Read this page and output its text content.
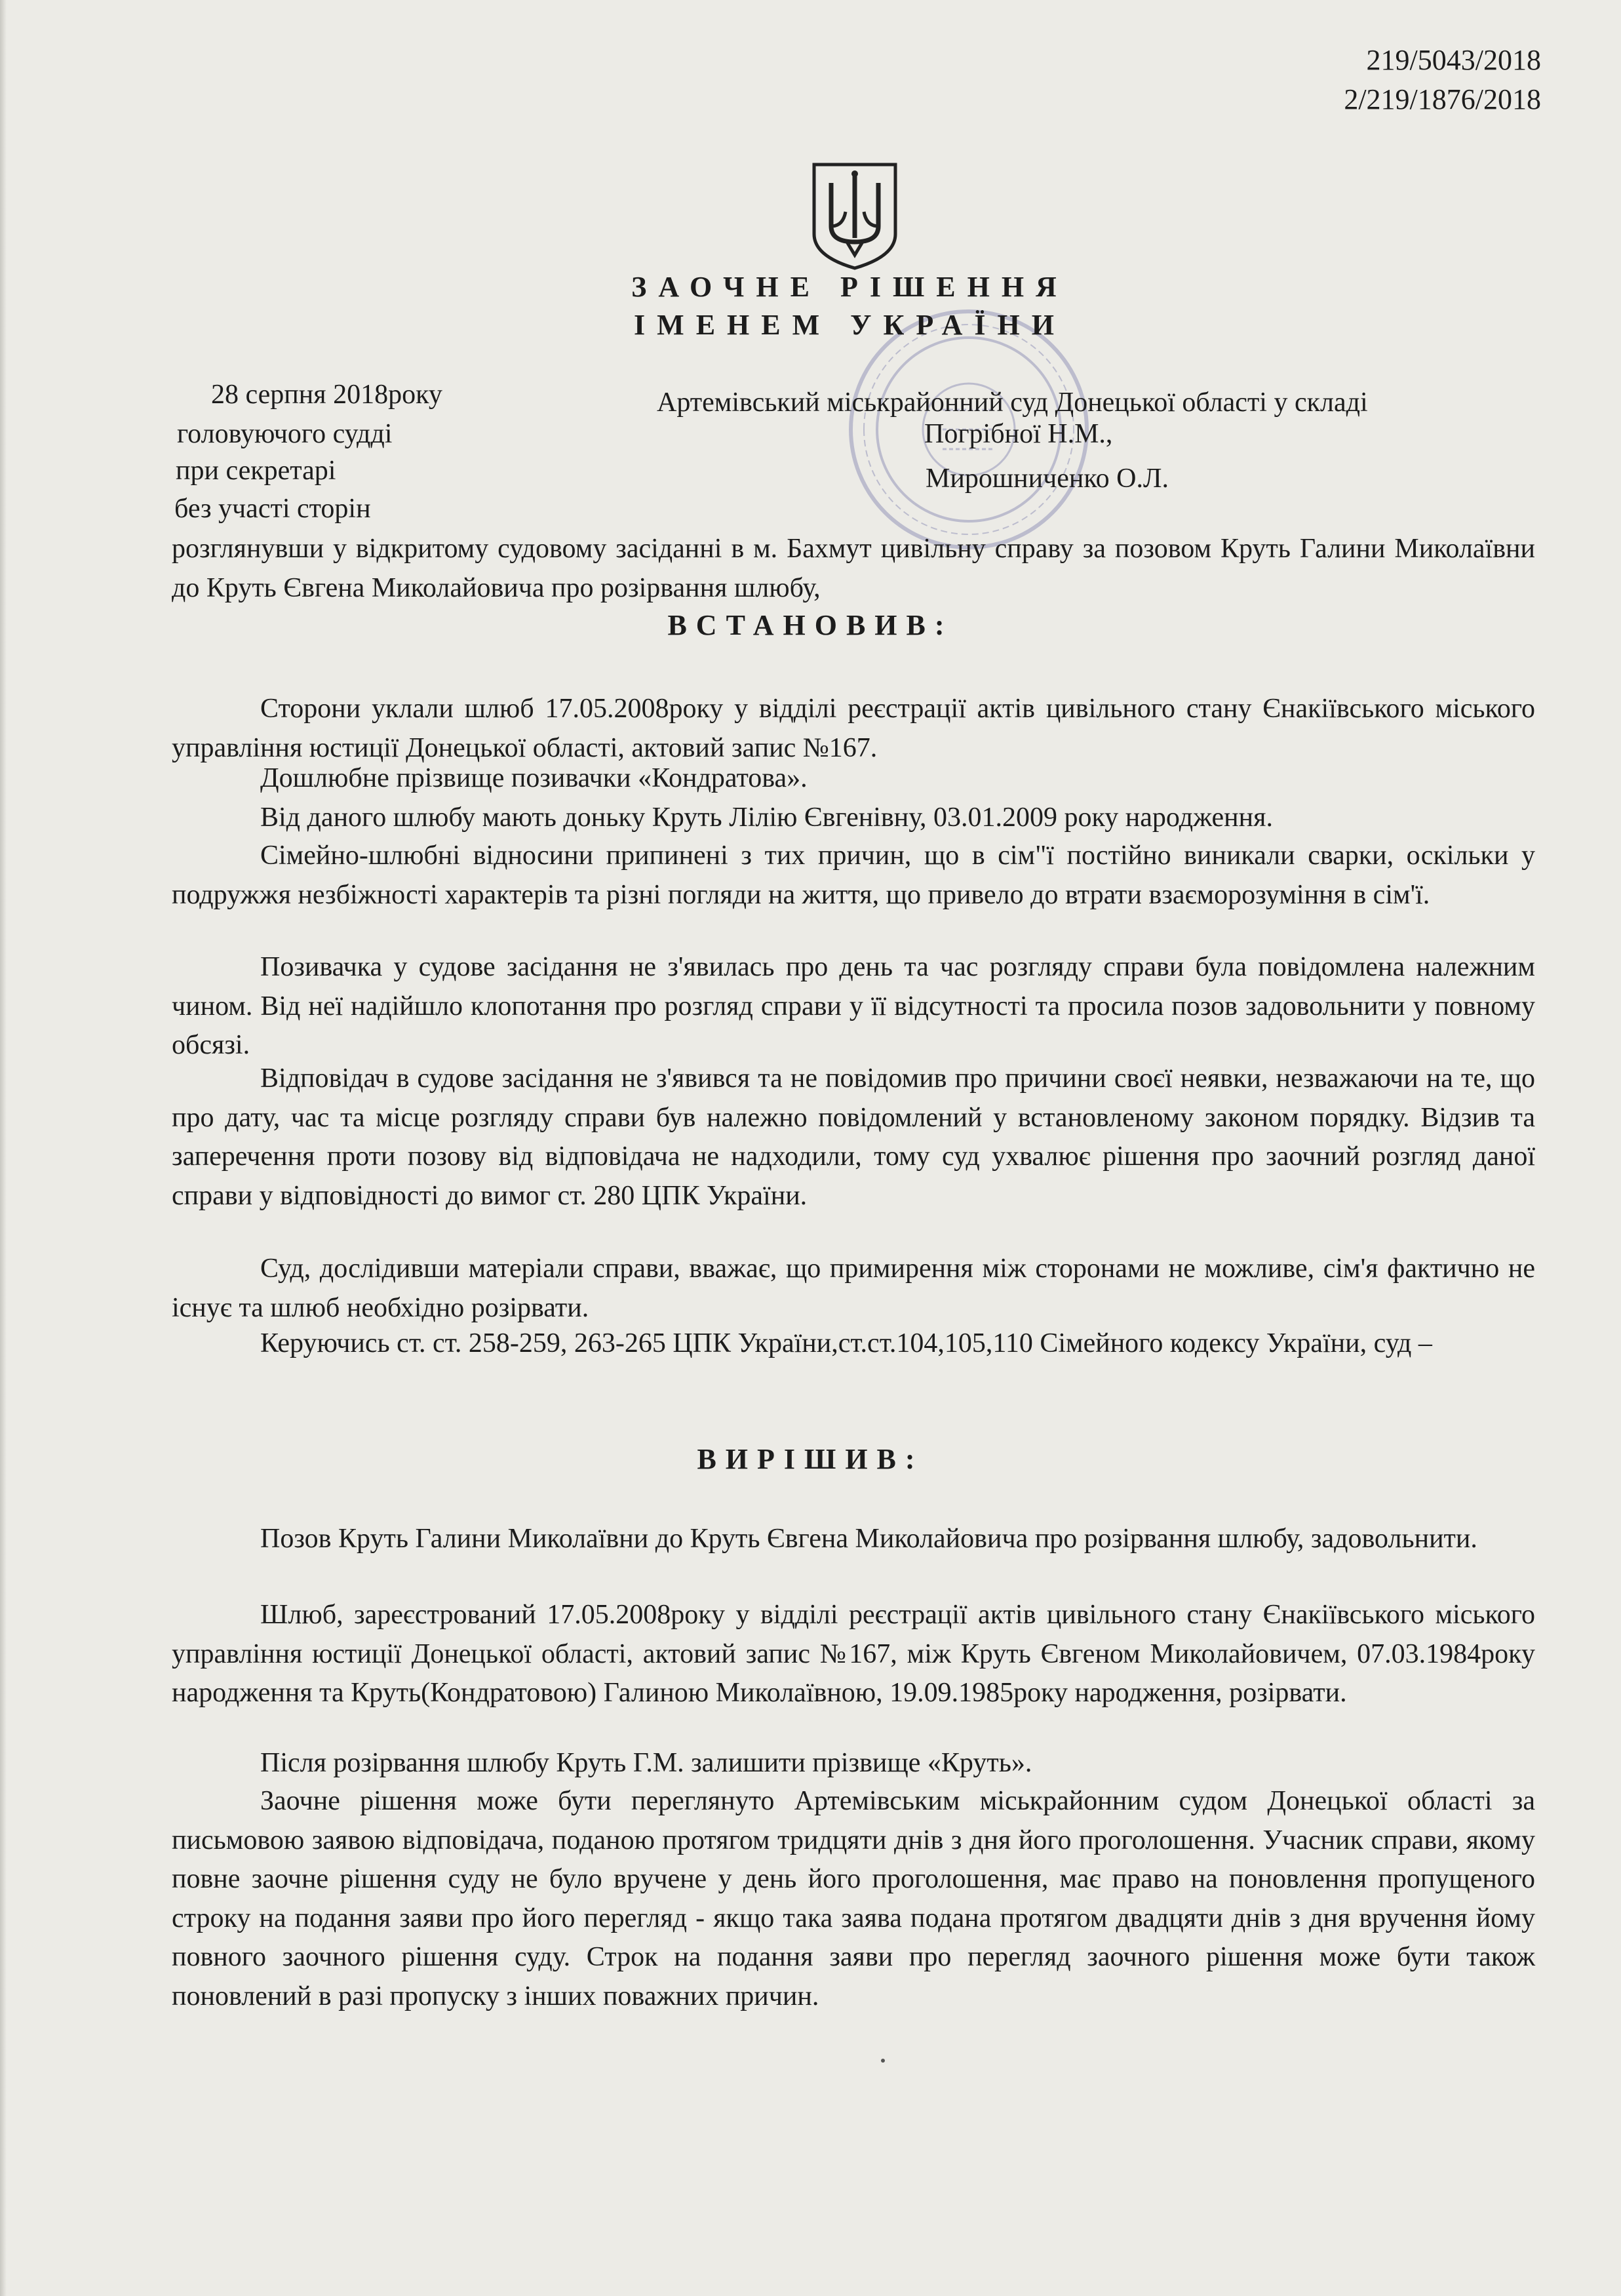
219/5043/2018
2/219/1876/2018
ЗАОЧНЕ РІШЕННЯ
ІМЕНЕМ УКРАЇНИ
28 серпня 2018року	Артемівський міськрайонний суд Донецької області у складі
головуючого судді	Погрібної Н.М.,
при секретарі	Мирошниченко О.Л.
без участі сторін
розглянувши у відкритому судовому засіданні в м. Бахмут цивільну справу за позовом Круть Галини Миколаївни до Круть Євгена Миколайовича про розірвання шлюбу,
ВСТАНОВИВ:
Сторони уклали шлюб 17.05.2008року у відділі реєстрації актів цивільного стану Єнакіївського міського управління юстиції Донецької області, актовий запис №167.
Дошлюбне прізвище позивачки «Кондратова».
Від даного шлюбу мають доньку Круть Лілію Євгенівну, 03.01.2009 року народження.
Сімейно-шлюбні відносини припинені з тих причин, що в сім"ї постійно виникали сварки, оскільки у подружжя незбіжності характерів та різні погляди на життя, що привело до втрати взаєморозуміння в сім'ї.
Позивачка у судове засідання не з'явилась про день та час розгляду справи була повідомлена належним чином. Від неї надійшло клопотання про розгляд справи у її відсутності та просила позов задовольнити у повному обсязі.
Відповідач в судове засідання не з'явився та не повідомив про причини своєї неявки, незважаючи на те, що про дату, час та місце розгляду справи був належно повідомлений у встановленому законом порядку. Відзив та заперечення проти позову від відповідача не надходили, тому суд ухвалює рішення про заочний розгляд даної справи у відповідності до вимог ст. 280 ЦПК України.
Суд, дослідивши матеріали справи, вважає, що примирення між сторонами не можливе, сім'я фактично не існує та шлюб необхідно розірвати.
Керуючись ст. ст. 258-259, 263-265 ЦПК України,ст.ст.104,105,110 Сімейного кодексу України, суд –
ВИРІШИВ:
Позов Круть Галини Миколаївни до Круть Євгена Миколайовича про розірвання шлюбу, задовольнити.
Шлюб, зареєстрований 17.05.2008року у відділі реєстрації актів цивільного стану Єнакіївського міського управління юстиції Донецької області, актовий запис №167, між Круть Євгеном Миколайовичем, 07.03.1984року народження та Круть(Кондратовою) Галиною Миколаївною, 19.09.1985року народження, розірвати.
Після розірвання шлюбу Круть Г.М. залишити прізвище «Круть».
Заочне рішення може бути переглянуто Артемівським міськрайонним судом Донецької області за письмовою заявою відповідача, поданою протягом тридцяти днів з дня його проголошення. Учасник справи, якому повне заочне рішення суду не було вручене у день його проголошення, має право на поновлення пропущеного строку на подання заяви про його перегляд - якщо така заява подана протягом двадцяти днів з дня вручення йому повного заочного рішення суду. Строк на подання заяви про перегляд заочного рішення може бути також поновлений в разі пропуску з інших поважних причин.
